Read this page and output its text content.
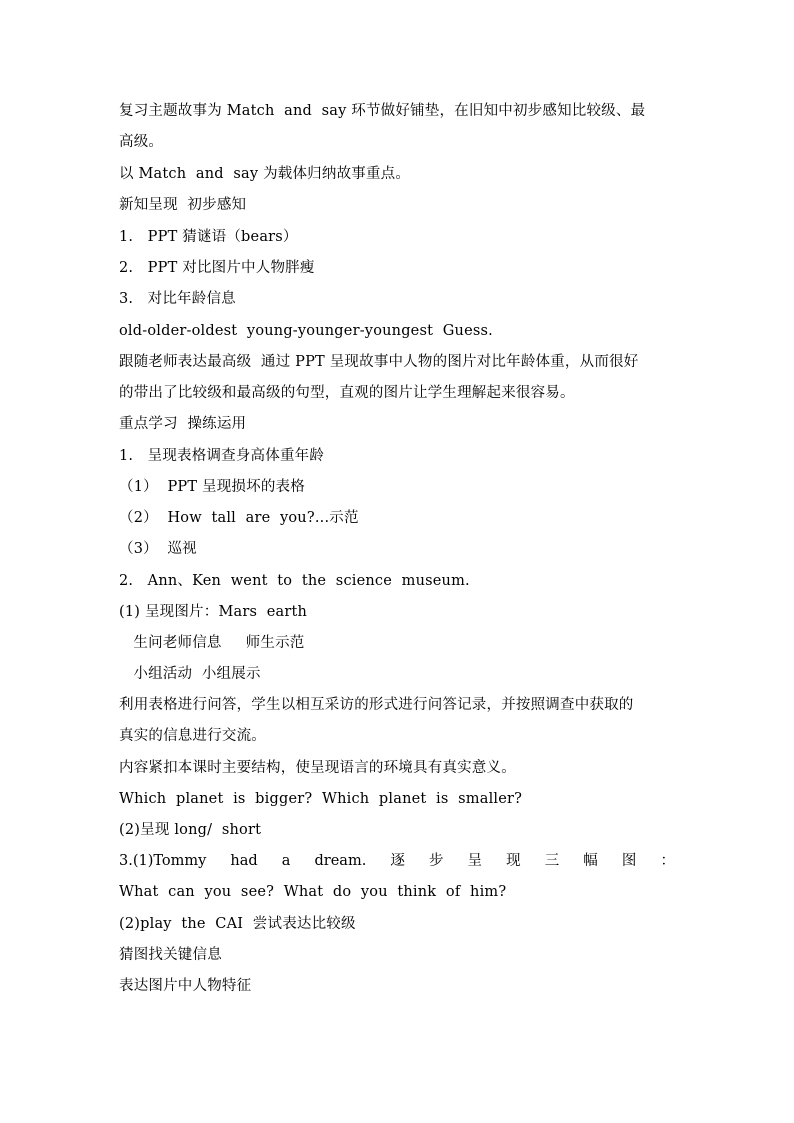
复习主题故事为 Match  and  say 环节做好铺垫，在旧知中初步感知比较级、最
高级。
以 Match  and  say 为载体归纳故事重点。
新知呈现  初步感知
1.   PPT 猜谜语（bears）
2.   PPT 对比图片中人物胖瘦
3.   对比年龄信息
old-older-oldest  young-younger-youngest  Guess.
跟随老师表达最高级  通过 PPT 呈现故事中人物的图片对比年龄体重，从而很好
的带出了比较级和最高级的句型，直观的图片让学生理解起来很容易。
重点学习  操练运用
1.   呈现表格调查身高体重年龄
（1）  PPT 呈现损坏的表格
（2）  How  tall  are  you?...示范
（3）  巡视
2.   Ann、Ken  went  to  the  science  museum.
(1) 呈现图片：Mars  earth
生问老师信息     师生示范
小组活动  小组展示
利用表格进行问答，学生以相互采访的形式进行问答记录，并按照调查中获取的
真实的信息进行交流。
内容紧扣本课时主要结构，使呈现语言的环境具有真实意义。
Which  planet  is  bigger?  Which  planet  is  smaller?
(2)呈现 long/  short
3.(1)Tommy had a dream. 逐 步 呈 现 三 幅 图 ：
What  can  you  see?  What  do  you  think  of  him?
(2)play  the  CAI  尝试表达比较级
猜图找关键信息
表达图片中人物特征
